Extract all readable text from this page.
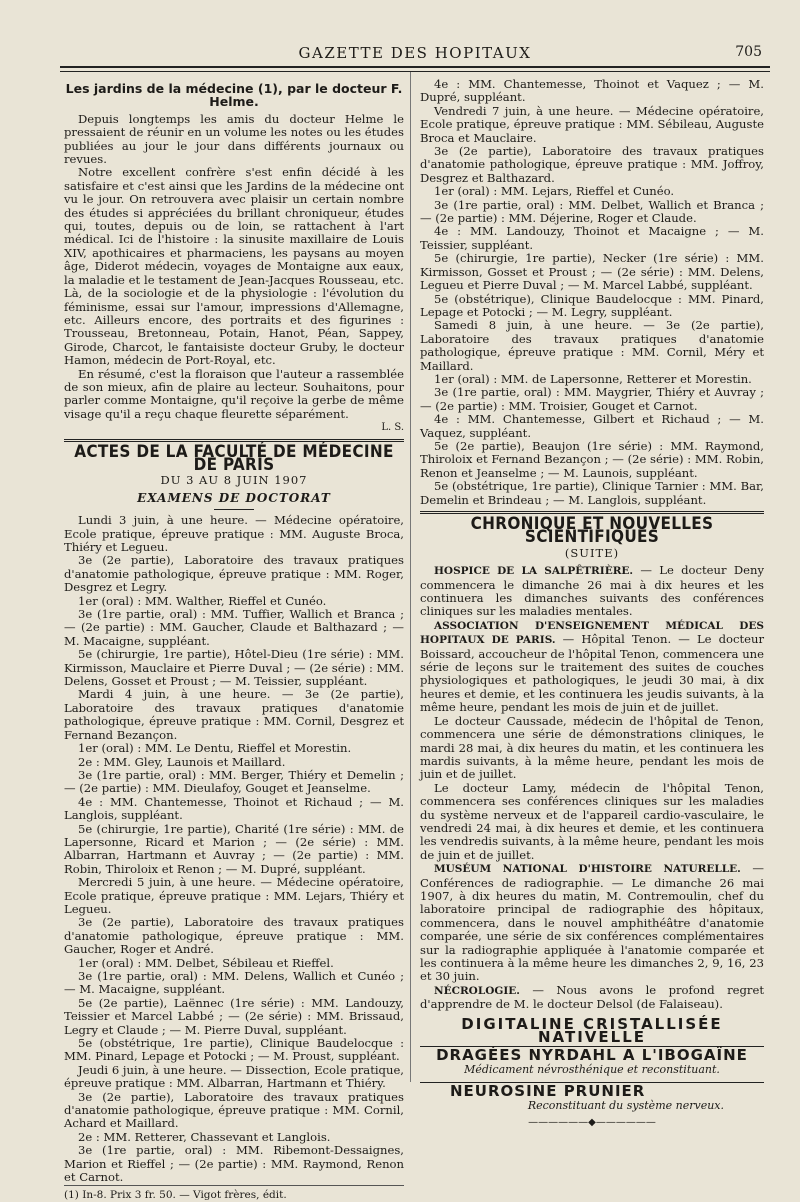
GAZETTE DES HOPITAUX	705
Les jardins de la médecine (1), par le docteur F. Helme.

Depuis longtemps les amis du docteur Helme le pressaient de réunir en un volume les notes ou les études publiées au jour le jour dans différents journaux ou revues.

Notre excellent confrère s'est enfin décidé à les satisfaire et c'est ainsi que les Jardins de la médecine ont vu le jour. On retrouvera avec plaisir un certain nombre des études si appréciées du brillant chroniqueur, études qui, toutes, depuis ou de loin, se rattachent à l'art médical. Ici de l'histoire : la sinusite maxillaire de Louis XIV, apothicaires et pharmaciens, les paysans au moyen âge, Diderot médecin, voyages de Montaigne aux eaux, la maladie et le testament de Jean-Jacques Rousseau, etc. Là, de la sociologie et de la physiologie : l'évolution du féminisme, essai sur l'amour, impressions d'Allemagne, etc. Ailleurs encore, des portraits et des figurines : Trousseau, Bretonneau, Potain, Hanot, Péan, Sappey, Girode, Charcot, le fantaisiste docteur Gruby, le docteur Hamon, médecin de Port-Royal, etc.

En résumé, c'est la floraison que l'auteur a rassemblée de son mieux, afin de plaire au lecteur. Souhaitons, pour parler comme Montaigne, qu'il reçoive la gerbe de même visage qu'il a reçu chaque fleurette séparément.

L. S.
ACTES DE LA FACULTÉ DE MÉDECINE DE PARIS
DU 3 AU 8 JUIN 1907
EXAMENS DE DOCTORAT

Lundi 3 juin, à une heure. — Médecine opératoire, Ecole pratique, épreuve pratique : MM. Auguste Broca, Thiéry et Legueu.

3e (2e partie), Laboratoire des travaux pratiques d'anatomie pathologique, épreuve pratique : MM. Roger, Desgrez et Legry.

1er (oral) : MM. Walther, Rieffel et Cunéo.

3e (1re partie, oral) : MM. Tuffier, Wallich et Branca ; — (2e partie) : MM. Gaucher, Claude et Balthazard ; — M. Macaigne, suppléant.

5e (chirurgie, 1re partie), Hôtel-Dieu (1re série) : MM. Kirmisson, Mauclaire et Pierre Duval ; — (2e série) : MM. Delens, Gosset et Proust ; — M. Teissier, suppléant.

Mardi 4 juin, à une heure. — 3e (2e partie), Laboratoire des travaux pratiques d'anatomie pathologique, épreuve pratique : MM. Cornil, Desgrez et Fernand Bezançon.

1er (oral) : MM. Le Dentu, Rieffel et Morestin.

2e : MM. Gley, Launois et Maillard.

3e (1re partie, oral) : MM. Berger, Thiéry et Demelin ; — (2e partie) : MM. Dieulafoy, Gouget et Jeanselme.

4e : MM. Chantemesse, Thoinot et Richaud ; — M. Langlois, suppléant.

5e (chirurgie, 1re partie), Charité (1re série) : MM. de Lapersonne, Ricard et Marion ; — (2e série) : MM. Albarran, Hartmann et Auvray ; — (2e partie) : MM. Robin, Thiroloix et Renon ; — M. Dupré, suppléant.

Mercredi 5 juin, à une heure. — Médecine opératoire, Ecole pratique, épreuve pratique : MM. Lejars, Thiéry et Legueu.

3e (2e partie), Laboratoire des travaux pratiques d'anatomie pathologique, épreuve pratique : MM. Gaucher, Roger et André.

1er (oral) : MM. Delbet, Sébileau et Rieffel.

3e (1re partie, oral) : MM. Delens, Wallich et Cunéo ; — M. Macaigne, suppléant.

5e (2e partie), Laënnec (1re série) : MM. Landouzy, Teissier et Marcel Labbé ; — (2e série) : MM. Brissaud, Legry et Claude ; — M. Pierre Duval, suppléant.

5e (obstétrique, 1re partie), Clinique Baudelocque : MM. Pinard, Lepage et Potocki ; — M. Proust, suppléant.

Jeudi 6 juin, à une heure. — Dissection, Ecole pratique, épreuve pratique : MM. Albarran, Hartmann et Thiéry.

3e (2e partie), Laboratoire des travaux pratiques d'anatomie pathologique, épreuve pratique : MM. Cornil, Achard et Maillard.

2e : MM. Retterer, Chassevant et Langlois.

3e (1re partie, oral) : MM. Ribemont-Dessaignes, Marion et Rieffel ; — (2e partie) : MM. Raymond, Renon et Carnot.

(1) In-8. Prix 3 fr. 50. — Vigot frères, édit.

4e : MM. Chantemesse, Thoinot et Vaquez ; — M. Dupré, suppléant.

Vendredi 7 juin, à une heure. — Médecine opératoire, Ecole pratique, épreuve pratique : MM. Sébileau, Auguste Broca et Mauclaire.

3e (2e partie), Laboratoire des travaux pratiques d'anatomie pathologique, épreuve pratique : MM. Joffroy, Desgrez et Balthazard.

1er (oral) : MM. Lejars, Rieffel et Cunéo.

3e (1re partie, oral) : MM. Delbet, Wallich et Branca ; — (2e partie) : MM. Déjerine, Roger et Claude.

4e : MM. Landouzy, Thoinot et Macaigne ; — M. Teissier, suppléant.

5e (chirurgie, 1re partie), Necker (1re série) : MM. Kirmisson, Gosset et Proust ; — (2e série) : MM. Delens, Legueu et Pierre Duval ; — M. Marcel Labbé, suppléant.

5e (obstétrique), Clinique Baudelocque : MM. Pinard, Lepage et Potocki ; — M. Legry, suppléant.

Samedi 8 juin, à une heure. — 3e (2e partie), Laboratoire des travaux pratiques d'anatomie pathologique, épreuve pratique : MM. Cornil, Méry et Maillard.

1er (oral) : MM. de Lapersonne, Retterer et Morestin.

3e (1re partie, oral) : MM. Maygrier, Thiéry et Auvray ; — (2e partie) : MM. Troisier, Gouget et Carnot.

4e : MM. Chantemesse, Gilbert et Richaud ; — M. Vaquez, suppléant.

5e (2e partie), Beaujon (1re série) : MM. Raymond, Thiroloix et Fernand Bezançon ; — (2e série) : MM. Robin, Renon et Jeanselme ; — M. Launois, suppléant.

5e (obstétrique, 1re partie), Clinique Tarnier : MM. Bar, Demelin et Brindeau ; — M. Langlois, suppléant.

CHRONIQUE ET NOUVELLES SCIENTIFIQUES
(SUITE)

HOSPICE DE LA SALPÊTRIÈRE. — Le docteur Deny commencera le dimanche 26 mai à dix heures et les continuera les dimanches suivants des conférences cliniques sur les maladies mentales.

ASSOCIATION D'ENSEIGNEMENT MÉDICAL DES HOPITAUX DE PARIS. — Hôpital Tenon. — Le docteur Boissard, accoucheur de l'hôpital Tenon, commencera une série de leçons sur le traitement des suites de couches physiologiques et pathologiques, le jeudi 30 mai, à dix heures et demie, et les continuera les jeudis suivants, à la même heure, pendant les mois de juin et de juillet.

Le docteur Caussade, médecin de l'hôpital de Tenon, commencera une série de démonstrations cliniques, le mardi 28 mai, à dix heures du matin, et les continuera les mardis suivants, à la même heure, pendant les mois de juin et de juillet.

Le docteur Lamy, médecin de l'hôpital Tenon, commencera ses conférences cliniques sur les maladies du système nerveux et de l'appareil cardio-vasculaire, le vendredi 24 mai, à dix heures et demie, et les continuera les vendredis suivants, à la même heure, pendant les mois de juin et de juillet.

MUSÉUM NATIONAL D'HISTOIRE NATURELLE. — Conférences de radiographie. — Le dimanche 26 mai 1907, à dix heures du matin, M. Contremoulin, chef du laboratoire principal de radiographie des hôpitaux, commencera, dans le nouvel amphithéâtre d'anatomie comparée, une série de six conférences complémentaires sur la radiographie appliquée à l'anatomie comparée et les continuera à la même heure les dimanches 2, 9, 16, 23 et 30 juin.

NÉCROLOGIE. — Nous avons le profond regret d'apprendre de M. le docteur Delsol (de Falaiseau).

DIGITALINE CRISTALLISÉE NATIVELLE
DRAGÉES NYRDAHL A L'IBOGAÏNE
Médicament névrosthénique et reconstituant.
NEUROSINE PRUNIER
Reconstituant du système nerveux.
——————◆——————
